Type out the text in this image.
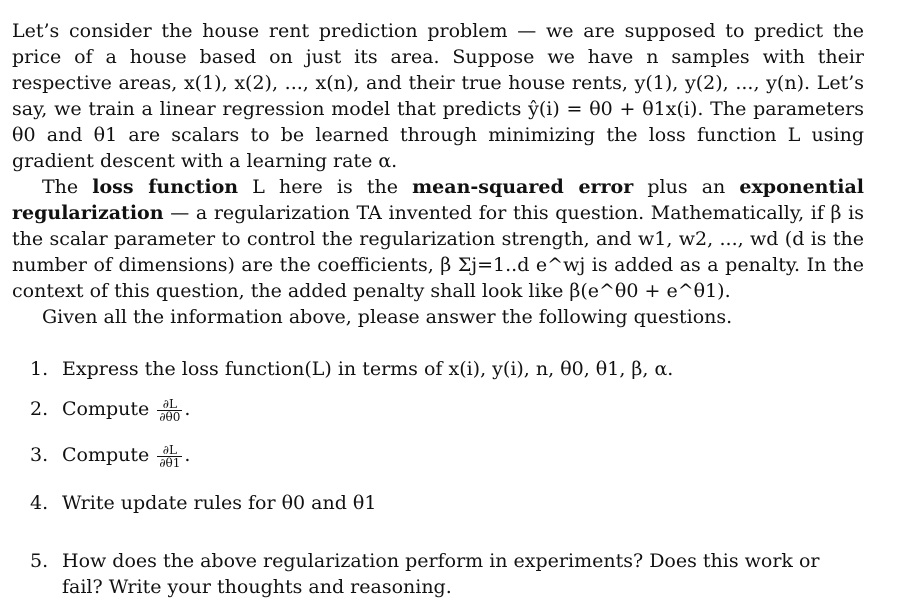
Let’s consider the house rent prediction problem — we are supposed to predict the price of a house based on just its area. Suppose we have n samples with their respective areas, x(1), x(2), ..., x(n), and their true house rents, y(1), y(2), ..., y(n). Let’s say, we train a linear regression model that predicts ŷ(i) = θ0 + θ1x(i). The parameters θ0 and θ1 are scalars to be learned through minimizing the loss function L using gradient descent with a learning rate α.
The loss function L here is the mean-squared error plus an exponential regularization — a regularization TA invented for this question. Mathematically, if β is the scalar parameter to control the regularization strength, and w1, w2, ..., wd (d is the number of dimensions) are the coefficients, β Σj=1..d e^wj is added as a penalty. In the context of this question, the added penalty shall look like β(e^θ0 + e^θ1).
Given all the information above, please answer the following questions.
1. Express the loss function(L) in terms of x(i), y(i), n, θ0, θ1, β, α.
2. Compute $\frac{\partial L}{\partial\theta 0}$ .
3. Compute $\frac{\partial L}{\partial\theta 1}$ .
4. Write update rules for θ0 and θ1
5. How does the above regularization perform in experiments? Does this work or fail? Write your thoughts and reasoning.
